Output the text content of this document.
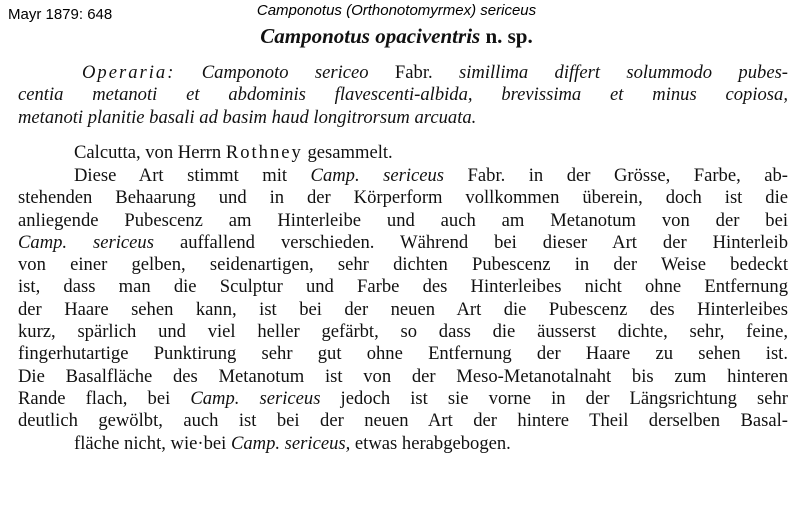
Mayr 1879: 648	Camponotus (Orthonotomyrmex) sericeus
Camponotus opaciventris n. sp.
Operaria: Camponoto sericeo Fabr. simillima differt solummodo pubes-
centia metanoti et abdominis flavescenti-albida, brevissima et minus copiosa,
metanoti planitie basali ad basim haud longitrorsum arcuata.
Calcutta, von Herrn Rothney gesammelt.
Diese Art stimmt mit Camp. sericeus Fabr. in der Grösse, Farbe, ab-
stehenden Behaarung und in der Körperform vollkommen überein, doch ist die
anliegende Pubescenz am Hinterleibe und auch am Metanotum von der bei
Camp. sericeus auffallend verschieden. Während bei dieser Art der Hinterleib
von einer gelben, seidenartigen, sehr dichten Pubescenz in der Weise bedeckt
ist, dass man die Sculptur und Farbe des Hinterleibes nicht ohne Entfernung
der Haare sehen kann, ist bei der neuen Art die Pubescenz des Hinterleibes
kurz, spärlich und viel heller gefärbt, so dass die äusserst dichte, sehr, feine,
fingerhutartige Punktirung sehr gut ohne Entfernung der Haare zu sehen ist.
Die Basalfläche des Metanotum ist von der Meso-Metanotalnaht bis zum hinteren
Rande flach, bei Camp. sericeus jedoch ist sie vorne in der Längsrichtung sehr
deutlich gewölbt, auch ist bei der neuen Art der hintere Theil derselben Basal-
fläche nicht, wie·bei Camp. sericeus, etwas herabgebogen.
